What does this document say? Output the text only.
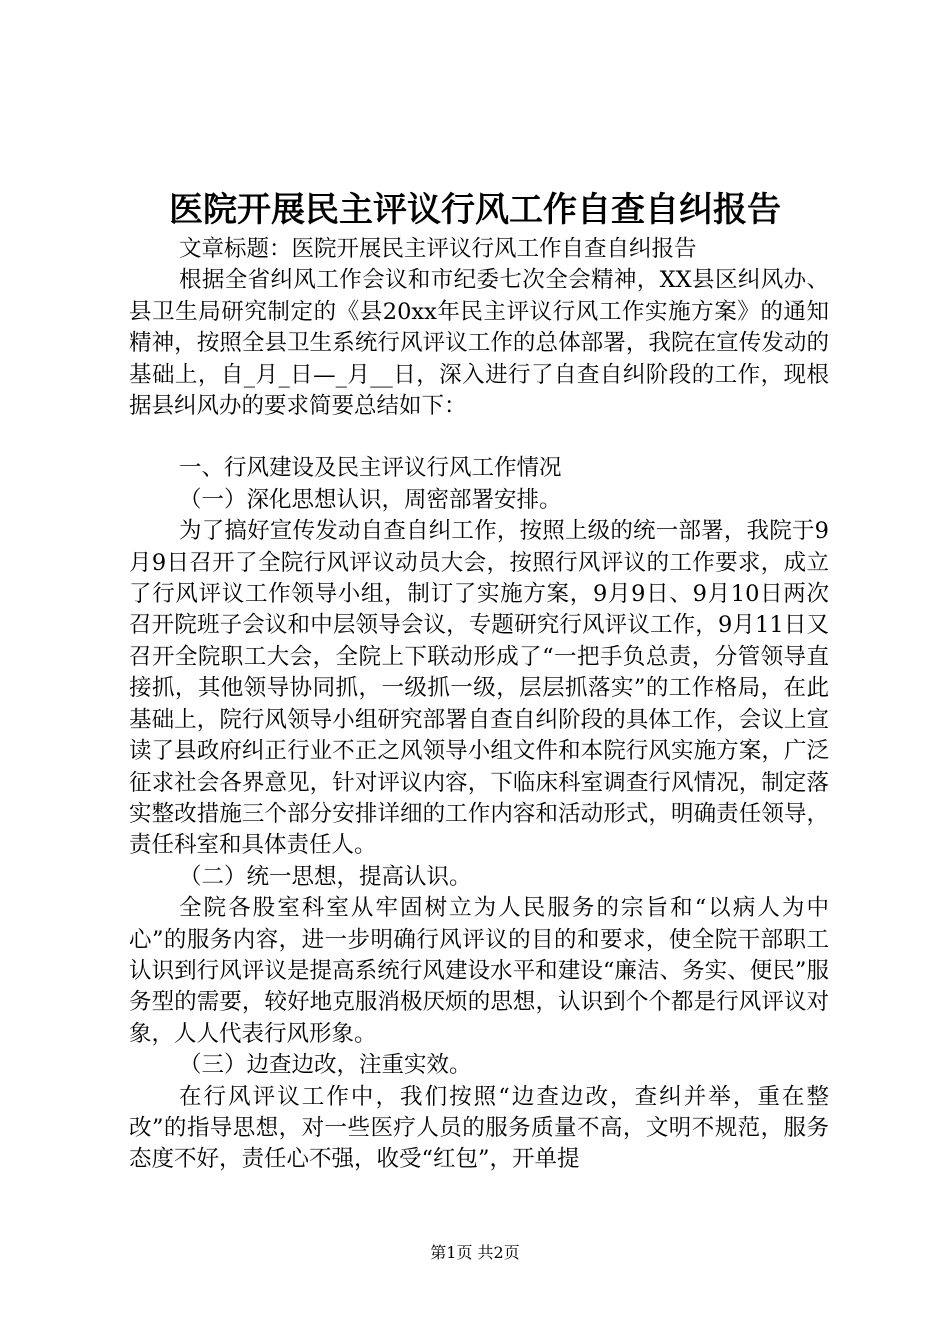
医院开展民主评议行风工作自查自纠报告

文章标题：医院开展民主评议行风工作自查自纠报告

根据全省纠风工作会议和市纪委七次全会精神，XX县区纠风办、县卫生局研究制定的《县20xx年民主评议行风工作实施方案》的通知精神，按照全县卫生系统行风评议工作的总体部署，我院在宣传发动的基础上，自_月_日—_月__日，深入进行了自查自纠阶段的工作，现根据县纠风办的要求简要总结如下：

一、行风建设及民主评议行风工作情况

（一）深化思想认识，周密部署安排。

为了搞好宣传发动自查自纠工作，按照上级的统一部署，我院于9月9日召开了全院行风评议动员大会，按照行风评议的工作要求，成立了行风评议工作领导小组，制订了实施方案，9月9日、9月10日两次召开院班子会议和中层领导会议，专题研究行风评议工作，9月11日又召开全院职工大会，全院上下联动形成了“一把手负总责，分管领导直接抓，其他领导协同抓，一级抓一级，层层抓落实”的工作格局，在此基础上，院行风领导小组研究部署自查自纠阶段的具体工作，会议上宣读了县政府纠正行业不正之风领导小组文件和本院行风实施方案，广泛征求社会各界意见，针对评议内容，下临床科室调查行风情况，制定落实整改措施三个部分安排详细的工作内容和活动形式，明确责任领导，责任科室和具体责任人。

（二）统一思想，提高认识。

全院各股室科室从牢固树立为人民服务的宗旨和“以病人为中心”的服务内容，进一步明确行风评议的目的和要求，使全院干部职工认识到行风评议是提高系统行风建设水平和建设“廉洁、务实、便民”服务型的需要，较好地克服消极厌烦的思想，认识到个个都是行风评议对象，人人代表行风形象。

（三）边查边改，注重实效。

在行风评议工作中，我们按照“边查边改，查纠并举，重在整改”的指导思想，对一些医疗人员的服务质量不高，文明不规范，服务态度不好，责任心不强，收受“红包”，开单提

第1页 共2页
